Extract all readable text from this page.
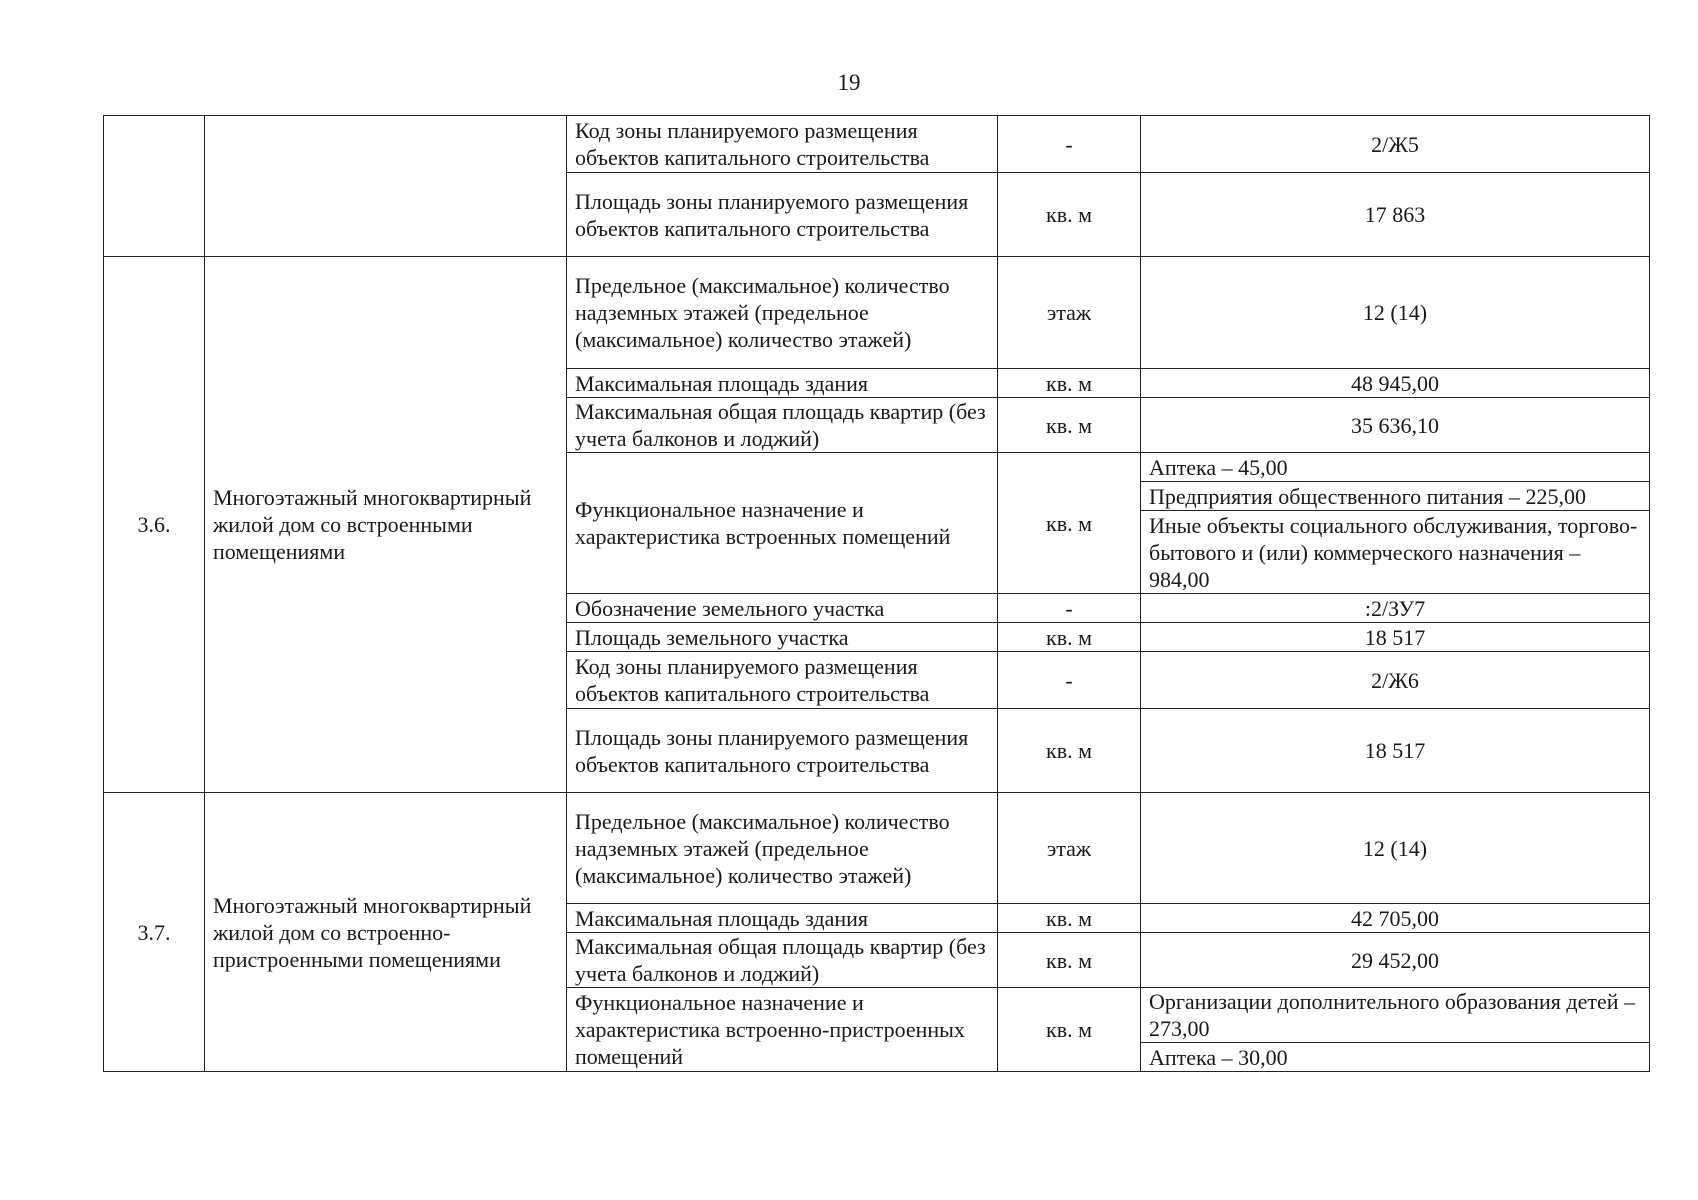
19
		Код зоны планируемого размещения объектов капитального строительства	-	2/Ж5
		Площадь зоны планируемого размещения объектов капитального строительства	кв. м	17 863
3.6.	Многоэтажный многоквартирный жилой дом со встроенными помещениями	Предельное (максимальное) количество надземных этажей (предельное (максимальное) количество этажей)	этаж	12 (14)
		Максимальная площадь здания	кв. м	48 945,00
		Максимальная общая площадь квартир (без учета балконов и лоджий)	кв. м	35 636,10
		Функциональное назначение и характеристика встроенных помещений	кв. м	Аптека – 45,00
				Предприятия общественного питания – 225,00
				Иные объекты социального обслуживания, торгово-бытового и (или) коммерческого назначения – 984,00
		Обозначение земельного участка	-	:2/ЗУ7
		Площадь земельного участка	кв. м	18 517
		Код зоны планируемого размещения объектов капитального строительства	-	2/Ж6
		Площадь зоны планируемого размещения объектов капитального строительства	кв. м	18 517

3.7.	Многоэтажный многоквартирный жилой дом со встроенно-пристроенными помещениями	Предельное (максимальное) количество надземных этажей (предельное (максимальное) количество этажей)	этаж	12 (14)
		Максимальная площадь здания	кв. м	42 705,00
		Максимальная общая площадь квартир (без учета балконов и лоджий)	кв. м	29 452,00
		Функциональное назначение и характеристика встроенно-пристроенных помещений	кв. м	Организации дополнительного образования детей – 273,00
				Аптека – 30,00
